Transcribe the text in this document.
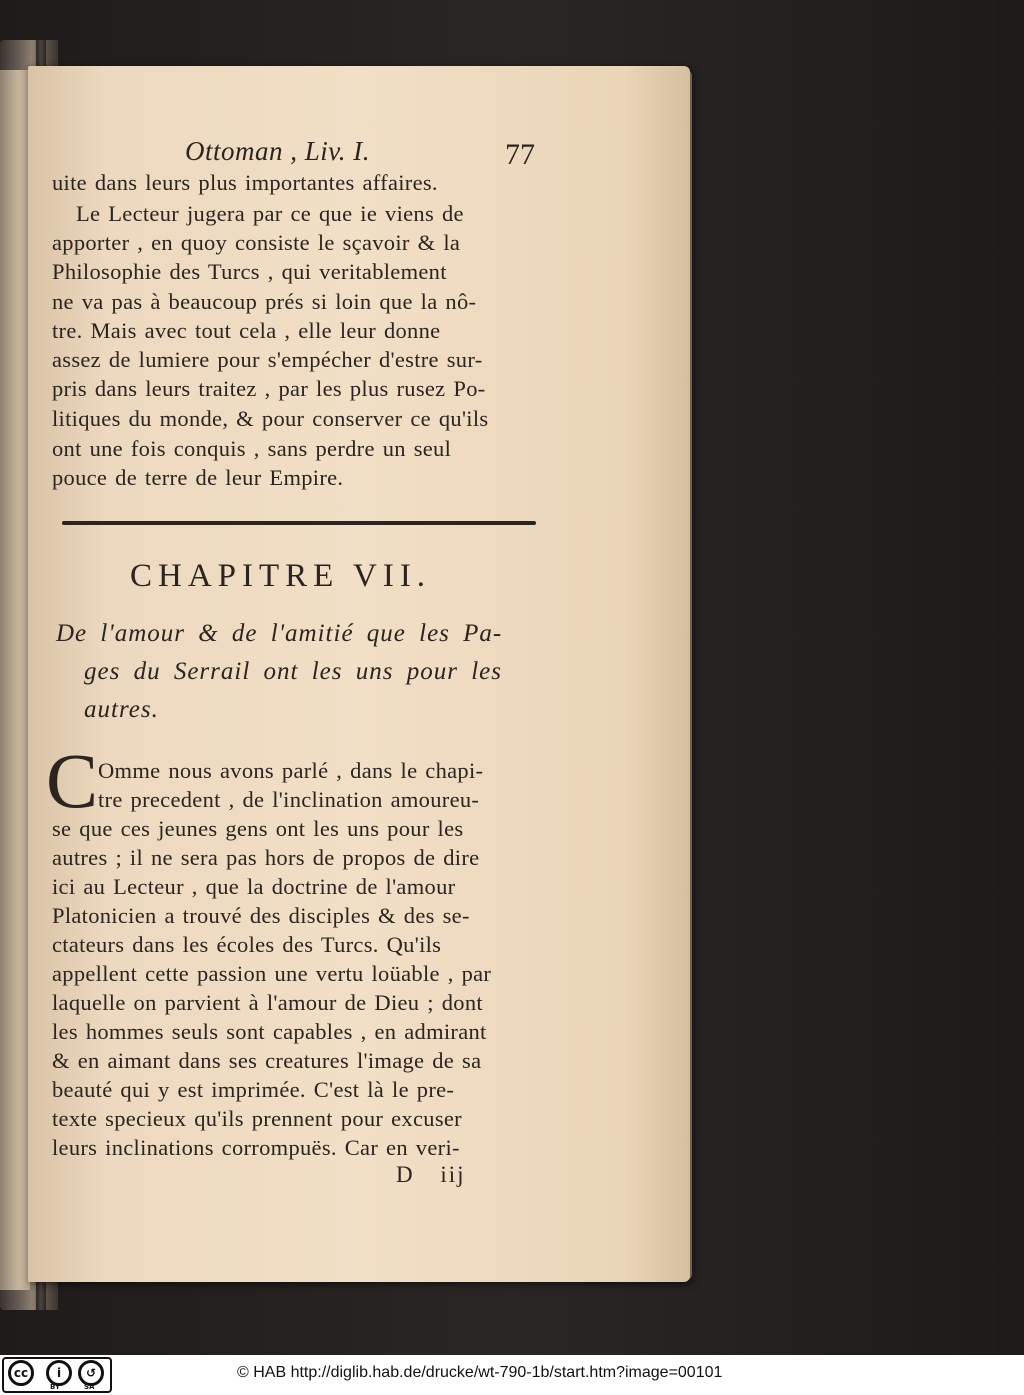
Ottoman , Liv. I.	77
uite dans leurs plus importantes affaires.
Le Lecteur jugera par ce que ie viens de
apporter , en quoy consiste le sçavoir & la
Philosophie des Turcs , qui veritablement
ne va pas à beaucoup prés si loin que la nô-
tre. Mais avec tout cela , elle leur donne
assez de lumiere pour s'empécher d'estre sur-
pris dans leurs traitez , par les plus rusez Po-
litiques du monde, & pour conserver ce qu'ils
ont une fois conquis , sans perdre un seul
pouce de terre de leur Empire.
CHAPITRE VII.
De l'amour & de l'amitié que les Pa-
ges du Serrail ont les uns pour les
autres.
C Omme nous avons parlé , dans le chapi-
tre precedent , de l'inclination amoureu-
se que ces jeunes gens ont les uns pour les
autres ; il ne sera pas hors de propos de dire
ici au Lecteur , que la doctrine de l'amour
Platonicien a trouvé des disciples & des se-
ctateurs dans les écoles des Turcs. Qu'ils
appellent cette passion une vertu loüable , par
laquelle on parvient à l'amour de Dieu ; dont
les hommes seuls sont capables , en admirant
& en aimant dans ses creatures l'image de sa
beauté qui y est imprimée. C'est là le pre-
texte specieux qu'ils prennent pour excuser
leurs inclinations corrompuës. Car en veri-
D iij
cc	i	↺
BY	SA
© HAB http://diglib.hab.de/drucke/wt-790-1b/start.htm?image=00101
